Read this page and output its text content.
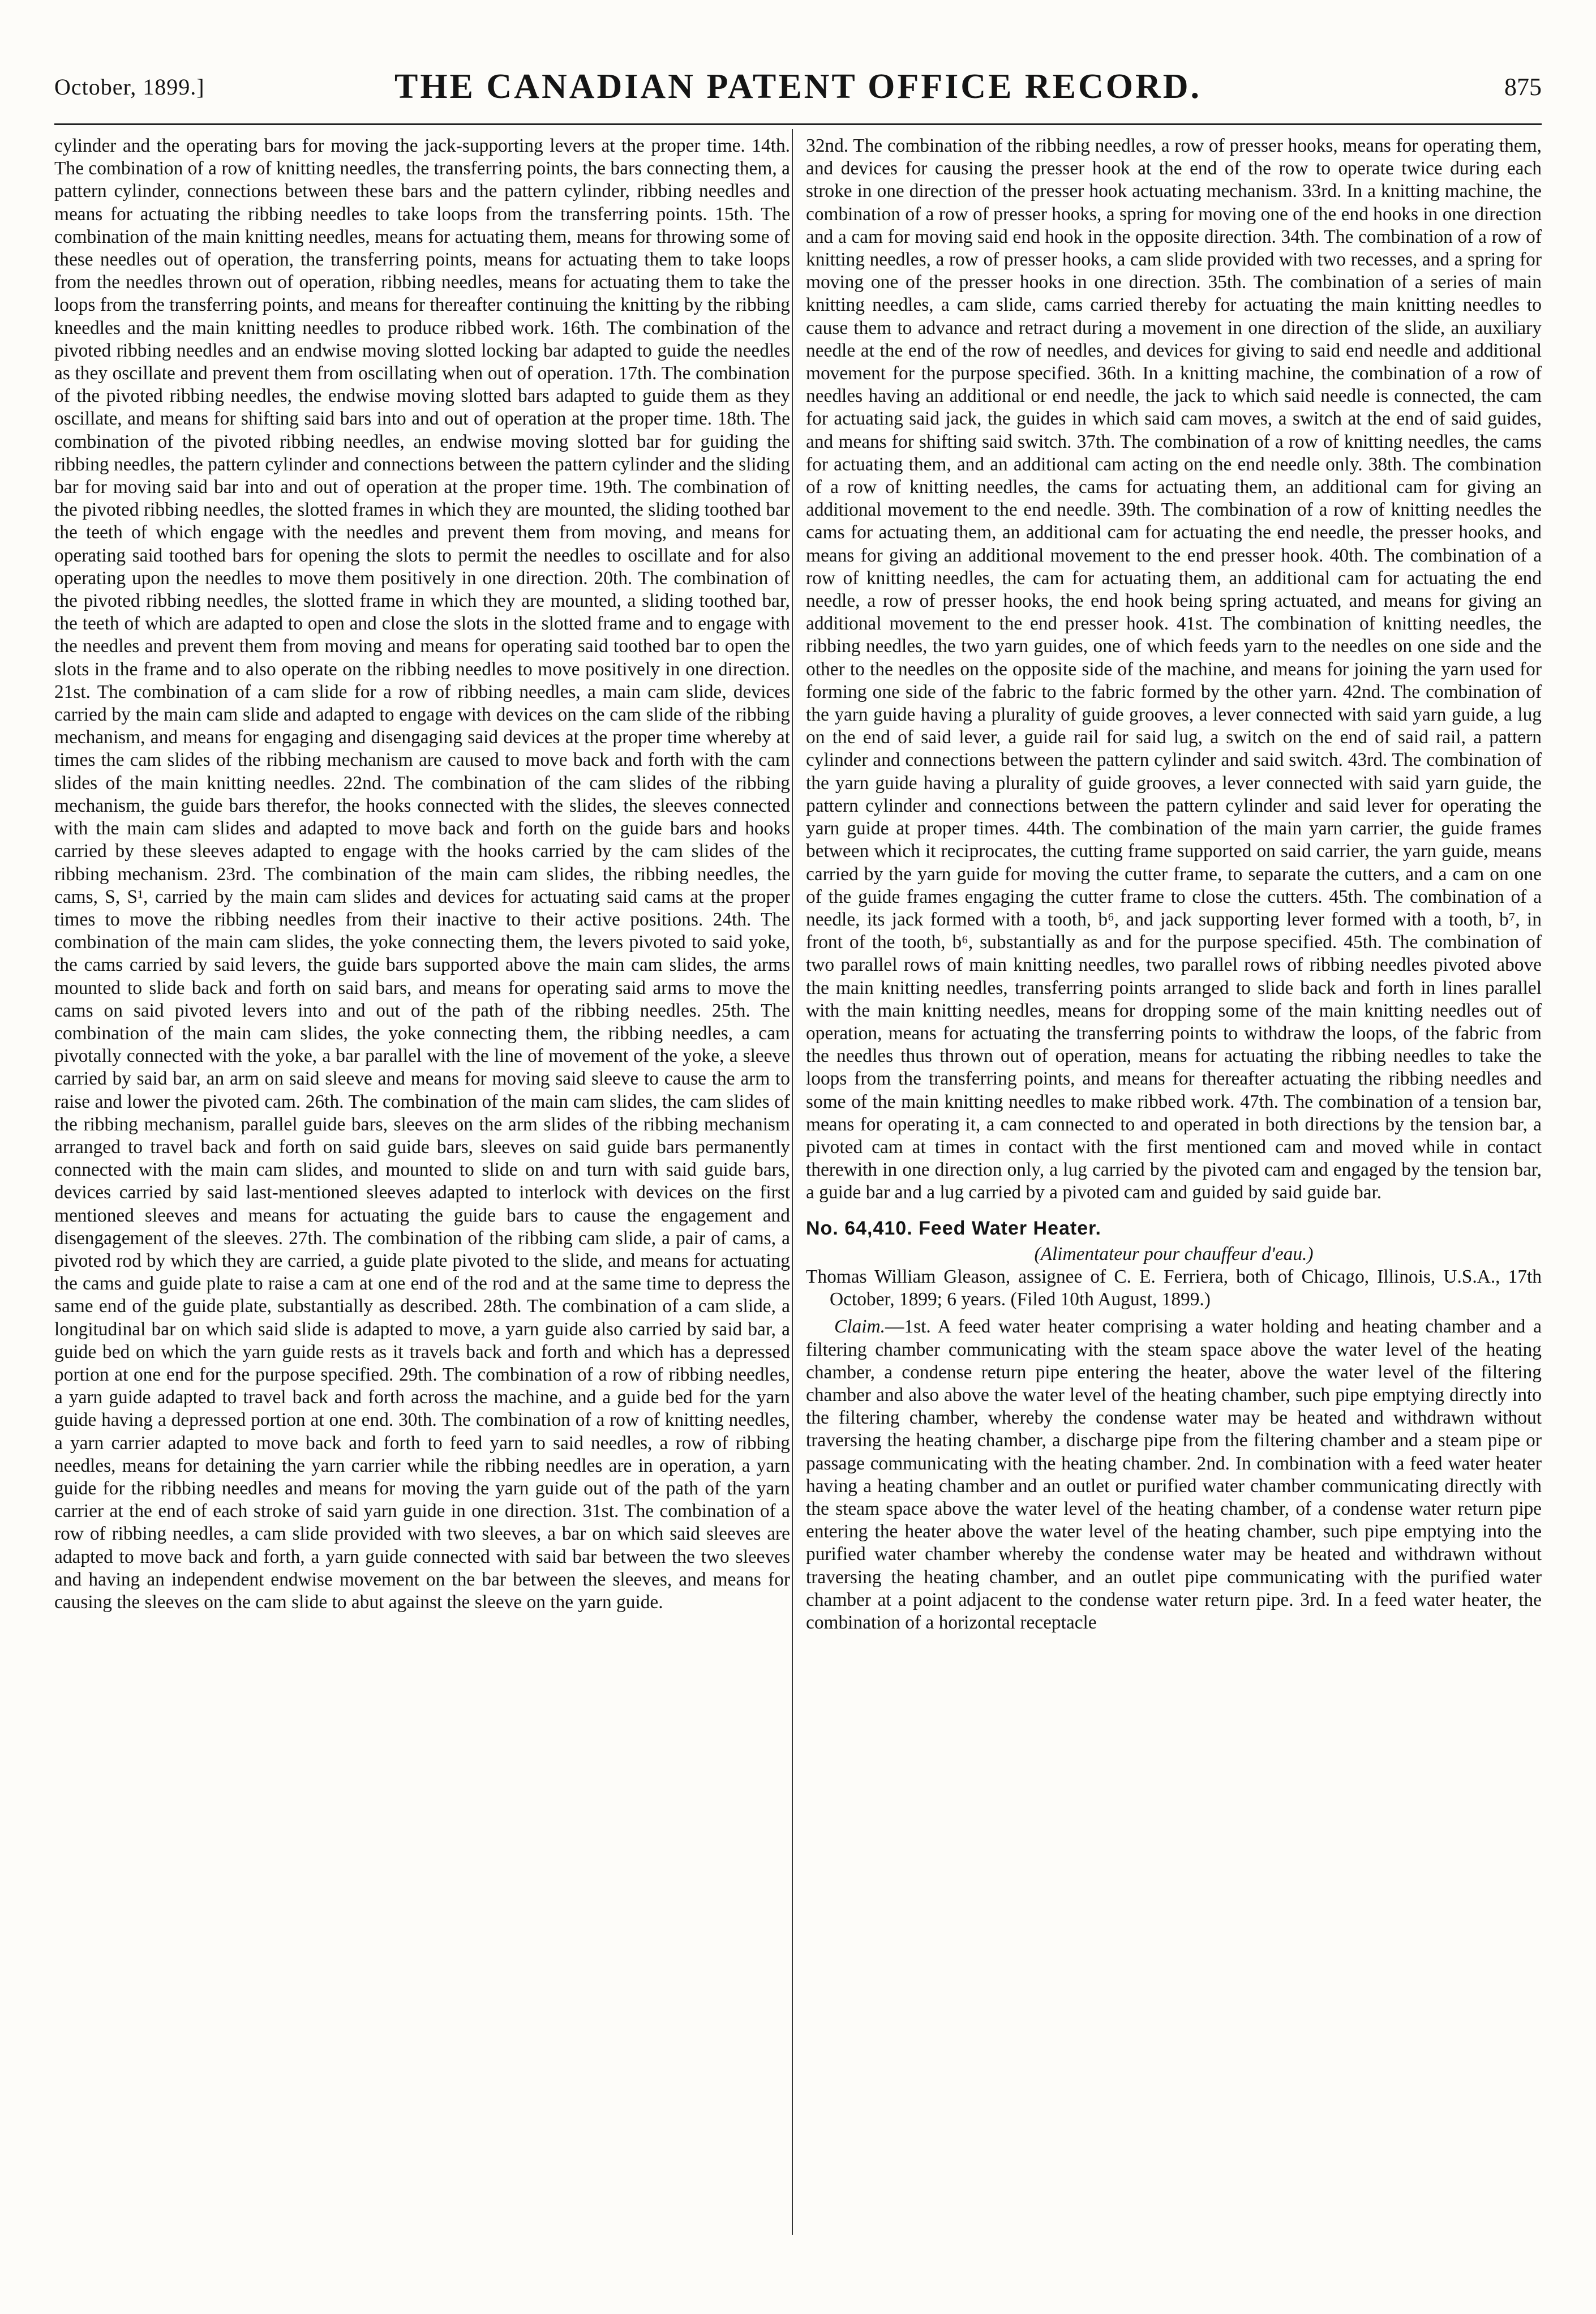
October, 1899.]	THE CANADIAN PATENT OFFICE RECORD.	875

cylinder and the operating bars for moving the jack-supporting levers at the proper time. 14th. The combination of a row of knitting needles, the transferring points, the bars connecting them, a pattern cylinder, connections between these bars and the pattern cylinder, ribbing needles and means for actuating the ribbing needles to take loops from the transferring points. 15th. The combination of the main knitting needles, means for actuating them, means for throwing some of these needles out of operation, the transferring points, means for actuating them to take loops from the needles thrown out of operation, ribbing needles, means for actuating them to take the loops from the transferring points, and means for thereafter continuing the knitting by the ribbing kneedles and the main knitting needles to produce ribbed work. 16th. The combination of the pivoted ribbing needles and an endwise moving slotted locking bar adapted to guide the needles as they oscillate and prevent them from oscillating when out of operation. 17th. The combination of the pivoted ribbing needles, the endwise moving slotted bars adapted to guide them as they oscillate, and means for shifting said bars into and out of operation at the proper time. 18th. The combination of the pivoted ribbing needles, an endwise moving slotted bar for guiding the ribbing needles, the pattern cylinder and connections between the pattern cylinder and the sliding bar for moving said bar into and out of operation at the proper time. 19th. The combination of the pivoted ribbing needles, the slotted frames in which they are mounted, the sliding toothed bar the teeth of which engage with the needles and prevent them from moving, and means for operating said toothed bars for opening the slots to permit the needles to oscillate and for also operating upon the needles to move them positively in one direction. 20th. The combination of the pivoted ribbing needles, the slotted frame in which they are mounted, a sliding toothed bar, the teeth of which are adapted to open and close the slots in the slotted frame and to engage with the needles and prevent them from moving and means for operating said toothed bar to open the slots in the frame and to also operate on the ribbing needles to move positively in one direction. 21st. The combination of a cam slide for a row of ribbing needles, a main cam slide, devices carried by the main cam slide and adapted to engage with devices on the cam slide of the ribbing mechanism, and means for engaging and disengaging said devices at the proper time whereby at times the cam slides of the ribbing mechanism are caused to move back and forth with the cam slides of the main knitting needles. 22nd. The combination of the cam slides of the ribbing mechanism, the guide bars therefor, the hooks connected with the slides, the sleeves connected with the main cam slides and adapted to move back and forth on the guide bars and hooks carried by these sleeves adapted to engage with the hooks carried by the cam slides of the ribbing mechanism. 23rd. The combination of the main cam slides, the ribbing needles, the cams, S, S¹, carried by the main cam slides and devices for actuating said cams at the proper times to move the ribbing needles from their inactive to their active positions. 24th. The combination of the main cam slides, the yoke connecting them, the levers pivoted to said yoke, the cams carried by said levers, the guide bars supported above the main cam slides, the arms mounted to slide back and forth on said bars, and means for operating said arms to move the cams on said pivoted levers into and out of the path of the ribbing needles. 25th. The combination of the main cam slides, the yoke connecting them, the ribbing needles, a cam pivotally connected with the yoke, a bar parallel with the line of movement of the yoke, a sleeve carried by said bar, an arm on said sleeve and means for moving said sleeve to cause the arm to raise and lower the pivoted cam. 26th. The combination of the main cam slides, the cam slides of the ribbing mechanism, parallel guide bars, sleeves on the arm slides of the ribbing mechanism arranged to travel back and forth on said guide bars, sleeves on said guide bars permanently connected with the main cam slides, and mounted to slide on and turn with said guide bars, devices carried by said last-mentioned sleeves adapted to interlock with devices on the first mentioned sleeves and means for actuating the guide bars to cause the engagement and disengagement of the sleeves. 27th. The combination of the ribbing cam slide, a pair of cams, a pivoted rod by which they are carried, a guide plate pivoted to the slide, and means for actuating the cams and guide plate to raise a cam at one end of the rod and at the same time to depress the same end of the guide plate, substantially as described. 28th. The combination of a cam slide, a longitudinal bar on which said slide is adapted to move, a yarn guide also carried by said bar, a guide bed on which the yarn guide rests as it travels back and forth and which has a depressed portion at one end for the purpose specified. 29th. The combination of a row of ribbing needles, a yarn guide adapted to travel back and forth across the machine, and a guide bed for the yarn guide having a depressed portion at one end. 30th. The combination of a row of knitting needles, a yarn carrier adapted to move back and forth to feed yarn to said needles, a row of ribbing needles, means for detaining the yarn carrier while the ribbing needles are in operation, a yarn guide for the ribbing needles and means for moving the yarn guide out of the path of the yarn carrier at the end of each stroke of said yarn guide in one direction. 31st. The combination of a row of ribbing needles, a cam slide provided with two sleeves, a bar on which said sleeves are adapted to move back and forth, a yarn guide connected with said bar between the two sleeves and having an independent endwise movement on the bar between the sleeves, and means for causing the sleeves on the cam slide to abut against the sleeve on the yarn guide.

32nd. The combination of the ribbing needles, a row of presser hooks, means for operating them, and devices for causing the presser hook at the end of the row to operate twice during each stroke in one direction of the presser hook actuating mechanism. 33rd. In a knitting machine, the combination of a row of presser hooks, a spring for moving one of the end hooks in one direction and a cam for moving said end hook in the opposite direction. 34th. The combination of a row of knitting needles, a row of presser hooks, a cam slide provided with two recesses, and a spring for moving one of the presser hooks in one direction. 35th. The combination of a series of main knitting needles, a cam slide, cams carried thereby for actuating the main knitting needles to cause them to advance and retract during a movement in one direction of the slide, an auxiliary needle at the end of the row of needles, and devices for giving to said end needle and additional movement for the purpose specified. 36th. In a knitting machine, the combination of a row of needles having an additional or end needle, the jack to which said needle is connected, the cam for actuating said jack, the guides in which said cam moves, a switch at the end of said guides, and means for shifting said switch. 37th. The combination of a row of knitting needles, the cams for actuating them, and an additional cam acting on the end needle only. 38th. The combination of a row of knitting needles, the cams for actuating them, an additional cam for giving an additional movement to the end needle. 39th. The combination of a row of knitting needles the cams for actuating them, an additional cam for actuating the end needle, the presser hooks, and means for giving an additional movement to the end presser hook. 40th. The combination of a row of knitting needles, the cam for actuating them, an additional cam for actuating the end needle, a row of presser hooks, the end hook being spring actuated, and means for giving an additional movement to the end presser hook. 41st. The combination of knitting needles, the ribbing needles, the two yarn guides, one of which feeds yarn to the needles on one side and the other to the needles on the opposite side of the machine, and means for joining the yarn used for forming one side of the fabric to the fabric formed by the other yarn. 42nd. The combination of the yarn guide having a plurality of guide grooves, a lever connected with said yarn guide, a lug on the end of said lever, a guide rail for said lug, a switch on the end of said rail, a pattern cylinder and connections between the pattern cylinder and said switch. 43rd. The combination of the yarn guide having a plurality of guide grooves, a lever connected with said yarn guide, the pattern cylinder and connections between the pattern cylinder and said lever for operating the yarn guide at proper times. 44th. The combination of the main yarn carrier, the guide frames between which it reciprocates, the cutting frame supported on said carrier, the yarn guide, means carried by the yarn guide for moving the cutter frame, to separate the cutters, and a cam on one of the guide frames engaging the cutter frame to close the cutters. 45th. The combination of a needle, its jack formed with a tooth, b⁶, and jack supporting lever formed with a tooth, b⁷, in front of the tooth, b⁶, substantially as and for the purpose specified. 45th. The combination of two parallel rows of main knitting needles, two parallel rows of ribbing needles pivoted above the main knitting needles, transferring points arranged to slide back and forth in lines parallel with the main knitting needles, means for dropping some of the main knitting needles out of operation, means for actuating the transferring points to withdraw the loops, of the fabric from the needles thus thrown out of operation, means for actuating the ribbing needles to take the loops from the transferring points, and means for thereafter actuating the ribbing needles and some of the main knitting needles to make ribbed work. 47th. The combination of a tension bar, means for operating it, a cam connected to and operated in both directions by the tension bar, a pivoted cam at times in contact with the first mentioned cam and moved while in contact therewith in one direction only, a lug carried by the pivoted cam and engaged by the tension bar, a guide bar and a lug carried by a pivoted cam and guided by said guide bar.

No. 64,410. Feed Water Heater.

(Alimentateur pour chauffeur d'eau.)

Thomas William Gleason, assignee of C. E. Ferriera, both of Chicago, Illinois, U.S.A., 17th October, 1899; 6 years. (Filed 10th August, 1899.)

Claim.—1st. A feed water heater comprising a water holding and heating chamber and a filtering chamber communicating with the steam space above the water level of the heating chamber, a condense return pipe entering the heater, above the water level of the filtering chamber and also above the water level of the heating chamber, such pipe emptying directly into the filtering chamber, whereby the condense water may be heated and withdrawn without traversing the heating chamber, a discharge pipe from the filtering chamber and a steam pipe or passage communicating with the heating chamber. 2nd. In combination with a feed water heater having a heating chamber and an outlet or purified water chamber communicating directly with the steam space above the water level of the heating chamber, of a condense water return pipe entering the heater above the water level of the heating chamber, such pipe emptying into the purified water chamber whereby the condense water may be heated and withdrawn without traversing the heating chamber, and an outlet pipe communicating with the purified water chamber at a point adjacent to the condense water return pipe. 3rd. In a feed water heater, the combination of a horizontal receptacle
